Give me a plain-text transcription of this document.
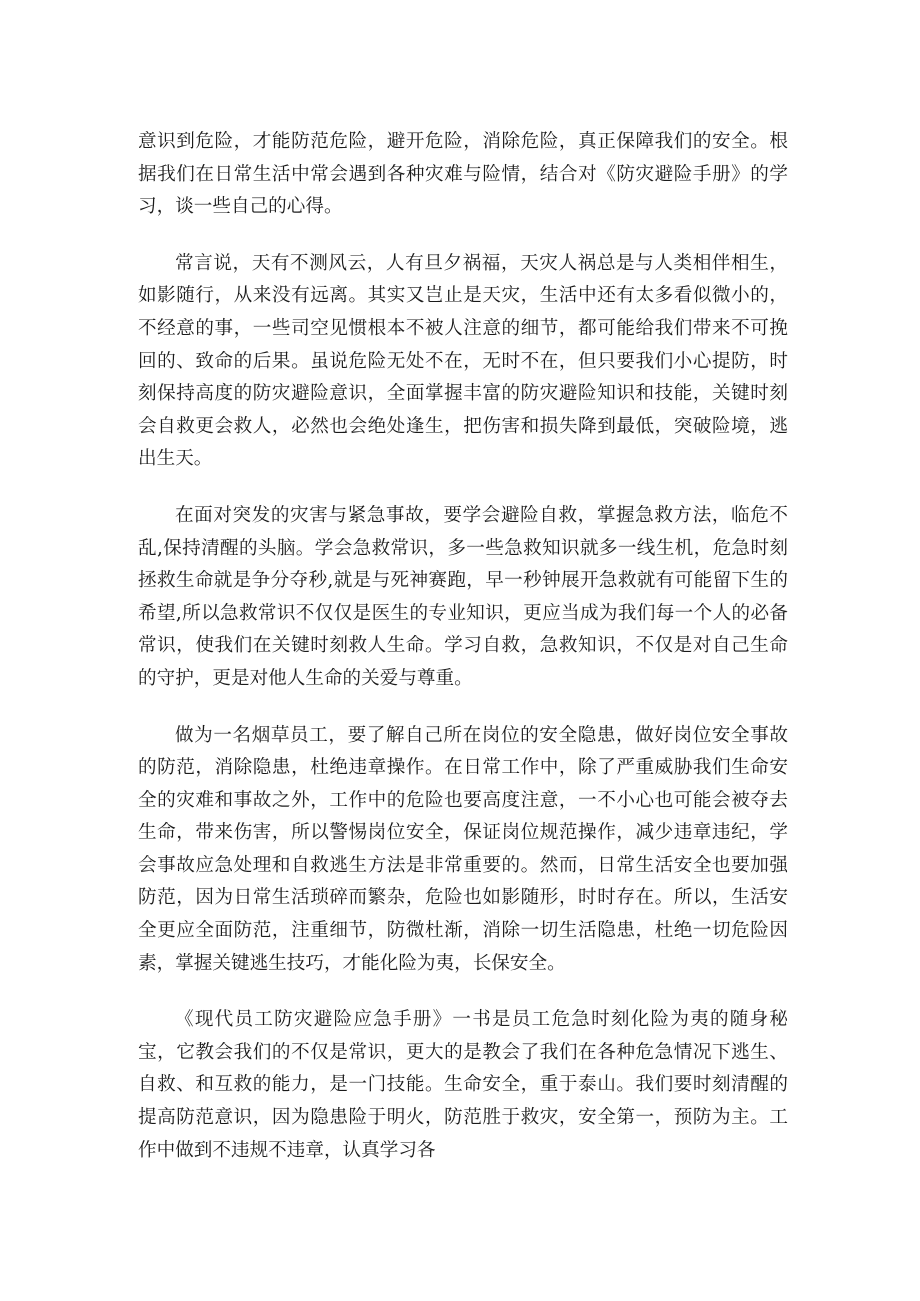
意识到危险，才能防范危险，避开危险，消除危险，真正保障我们的安全。根据我们在日常生活中常会遇到各种灾难与险情，结合对《防灾避险手册》的学习，谈一些自己的心得。

常言说，天有不测风云，人有旦夕祸福，天灾人祸总是与人类相伴相生，如影随行，从来没有远离。其实又岂止是天灾，生活中还有太多看似微小的，不经意的事，一些司空见惯根本不被人注意的细节，都可能给我们带来不可挽回的、致命的后果。虽说危险无处不在，无时不在，但只要我们小心提防，时刻保持高度的防灾避险意识，全面掌握丰富的防灾避险知识和技能，关键时刻会自救更会救人，必然也会绝处逢生，把伤害和损失降到最低，突破险境，逃出生天。

在面对突发的灾害与紧急事故，要学会避险自救，掌握急救方法，临危不乱,保持清醒的头脑。学会急救常识，多一些急救知识就多一线生机，危急时刻拯救生命就是争分夺秒,就是与死神赛跑，早一秒钟展开急救就有可能留下生的希望,所以急救常识不仅仅是医生的专业知识，更应当成为我们每一个人的必备常识，使我们在关键时刻救人生命。学习自救，急救知识，不仅是对自己生命的守护，更是对他人生命的关爱与尊重。

做为一名烟草员工，要了解自己所在岗位的安全隐患，做好岗位安全事故的防范，消除隐患，杜绝违章操作。在日常工作中，除了严重威胁我们生命安全的灾难和事故之外，工作中的危险也要高度注意，一不小心也可能会被夺去生命，带来伤害，所以警惕岗位安全，保证岗位规范操作，减少违章违纪，学会事故应急处理和自救逃生方法是非常重要的。然而，日常生活安全也要加强防范，因为日常生活琐碎而繁杂，危险也如影随形，时时存在。所以，生活安全更应全面防范，注重细节，防微杜渐，消除一切生活隐患，杜绝一切危险因素，掌握关键逃生技巧，才能化险为夷，长保安全。

《现代员工防灾避险应急手册》一书是员工危急时刻化险为夷的随身秘宝，它教会我们的不仅是常识，更大的是教会了我们在各种危急情况下逃生、自救、和互救的能力，是一门技能。生命安全，重于泰山。我们要时刻清醒的提高防范意识，因为隐患险于明火，防范胜于救灾，安全第一，预防为主。工作中做到不违规不违章，认真学习各
